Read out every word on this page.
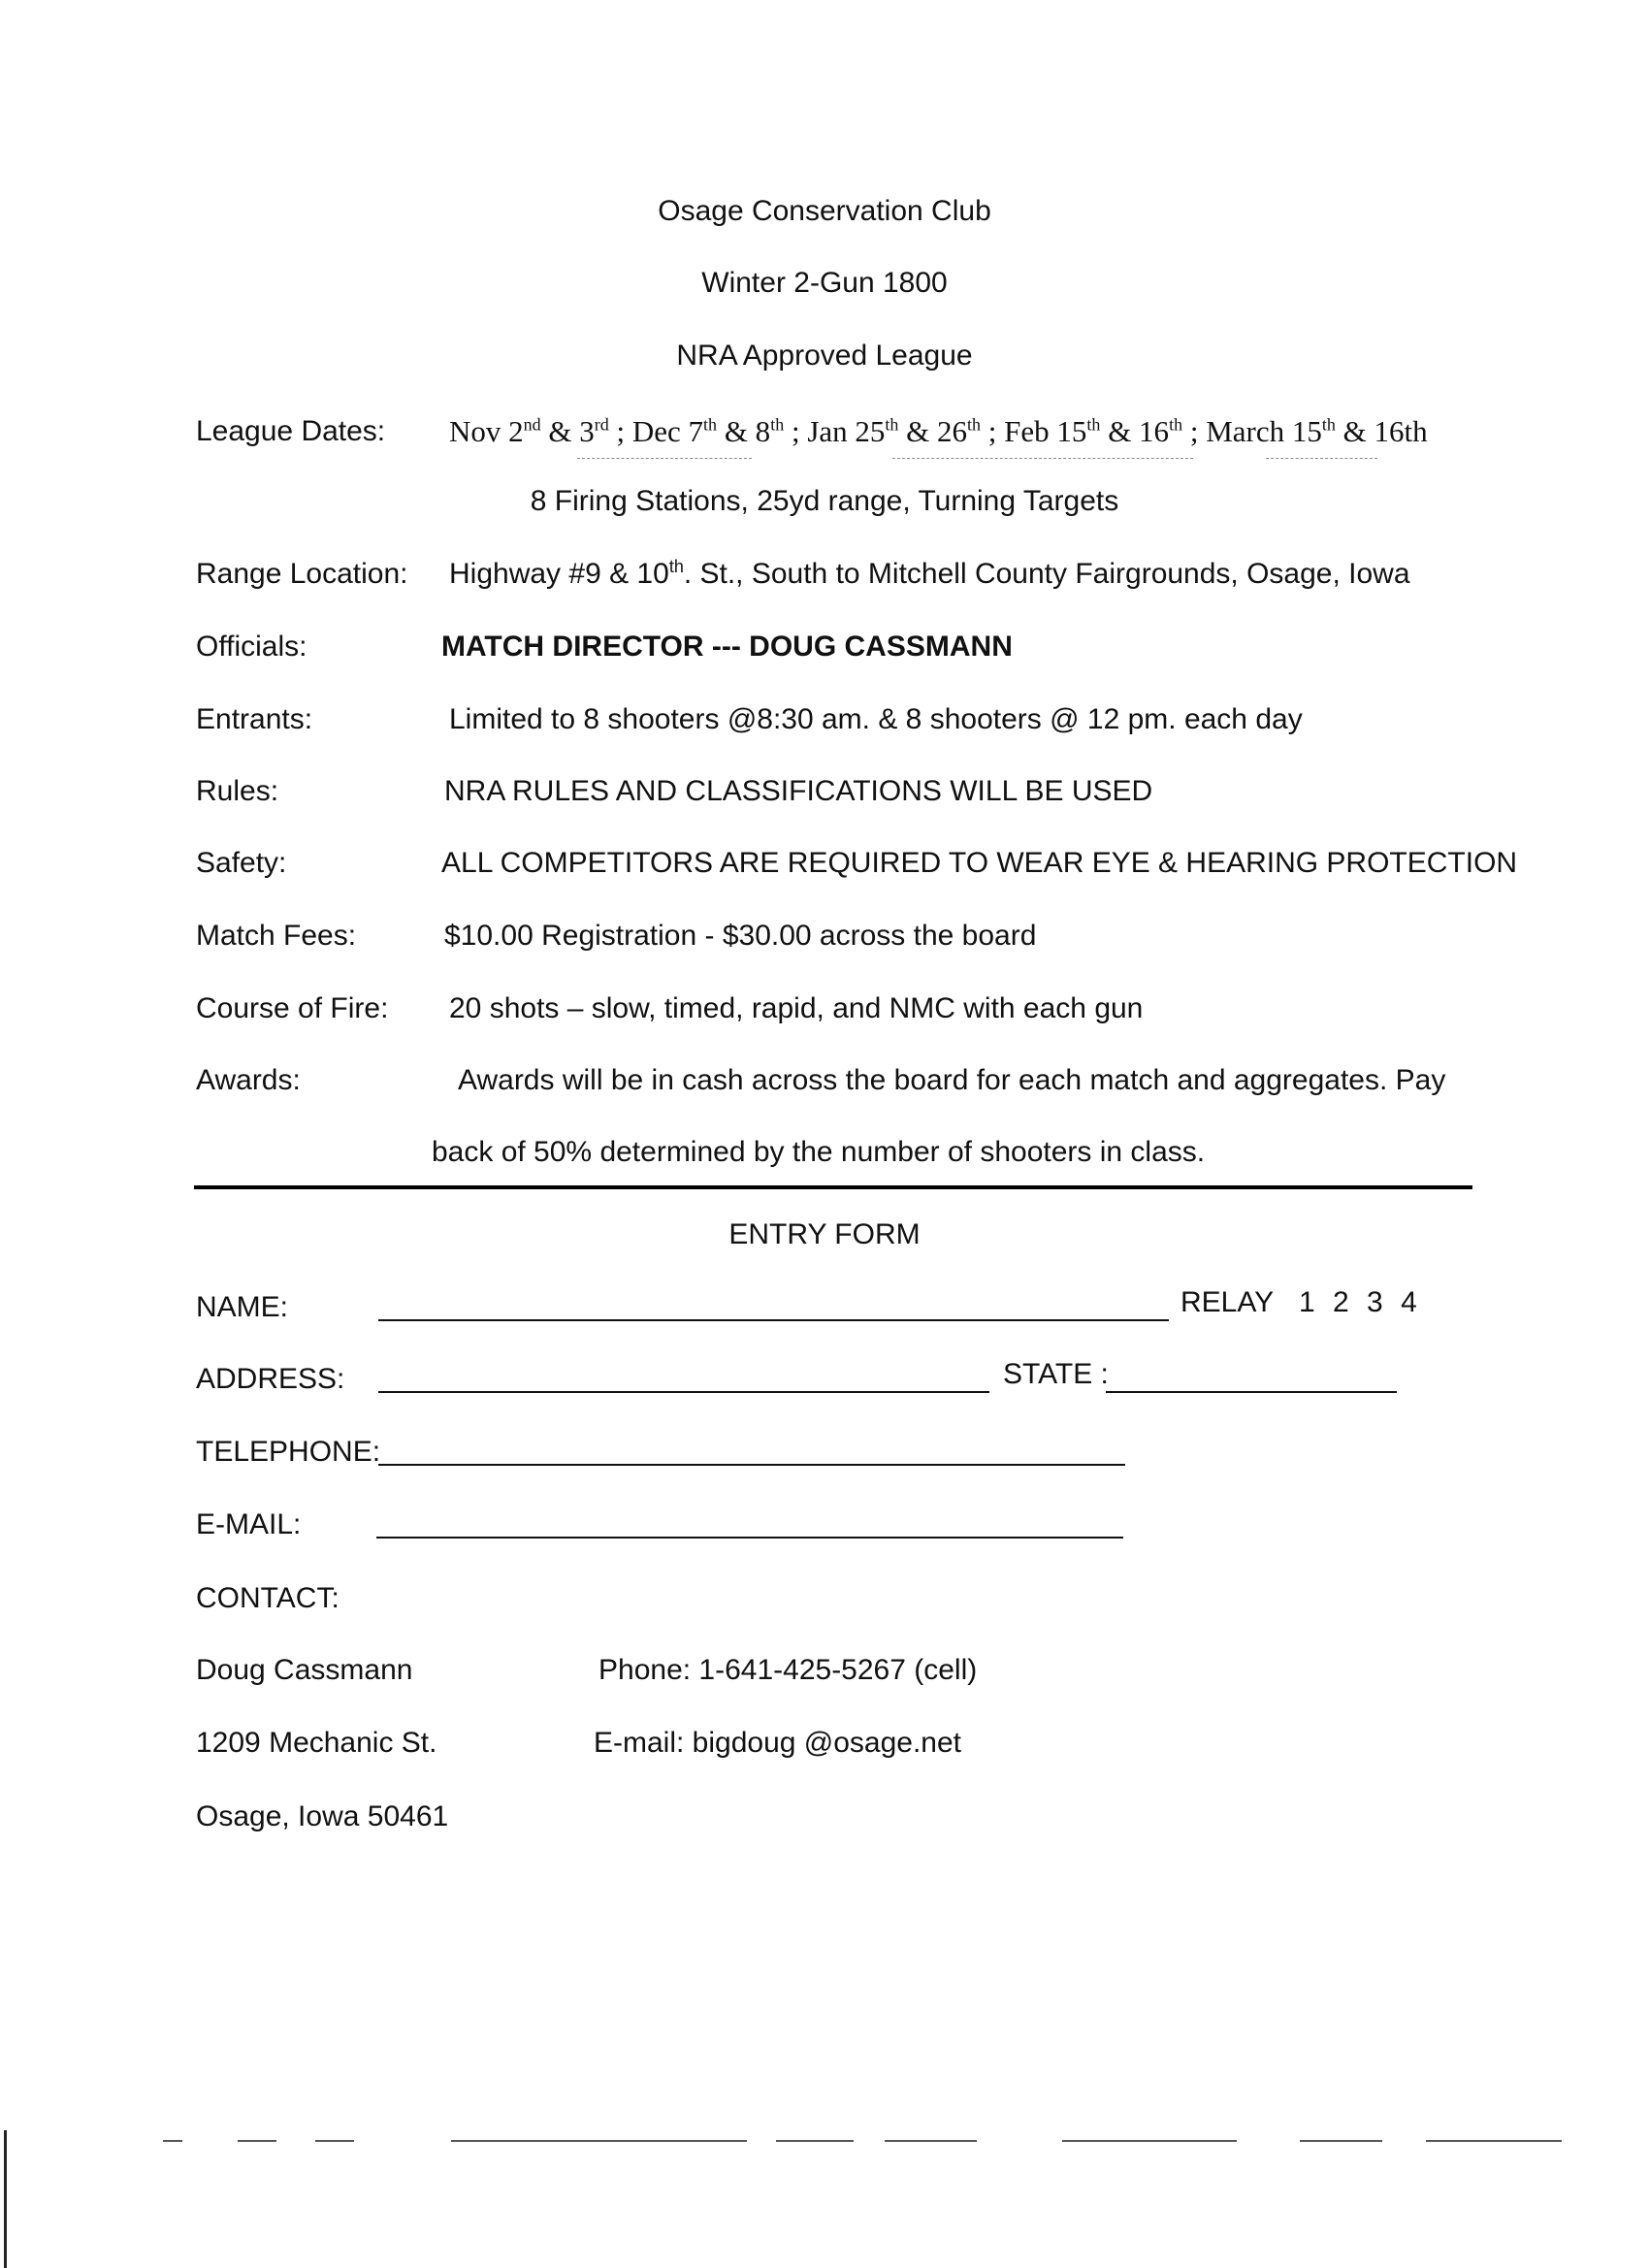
Osage Conservation Club
Winter 2-Gun 1800
NRA Approved League
League Dates: Nov 2nd & 3rd ; Dec 7th & 8th ; Jan 25th & 26th ; Feb 15th & 16th ; March 15th & 16th
8 Firing Stations, 25yd range, Turning Targets
Range Location: Highway #9 & 10th. St., South to Mitchell County Fairgrounds, Osage, Iowa
Officials:	MATCH DIRECTOR --- DOUG CASSMANN
Entrants:	Limited to 8 shooters @8:30 am. & 8 shooters @ 12 pm. each day
Rules:	NRA RULES AND CLASSIFICATIONS WILL BE USED
Safety:	ALL COMPETITORS ARE REQUIRED TO WEAR EYE & HEARING PROTECTION
Match Fees:	$10.00 Registration - $30.00 across the board
Course of Fire: 20 shots – slow, timed, rapid, and NMC with each gun
Awards:	Awards will be in cash across the board for each match and aggregates. Pay
back of 50% determined by the number of shooters in class.
ENTRY FORM
NAME:	RELAY 1 2 3 4
ADDRESS:	STATE :
TELEPHONE:
E-MAIL:
CONTACT:
Doug Cassmann	Phone: 1-641-425-5267 (cell)
1209 Mechanic St.	E-mail: bigdoug @osage.net
Osage, Iowa 50461
